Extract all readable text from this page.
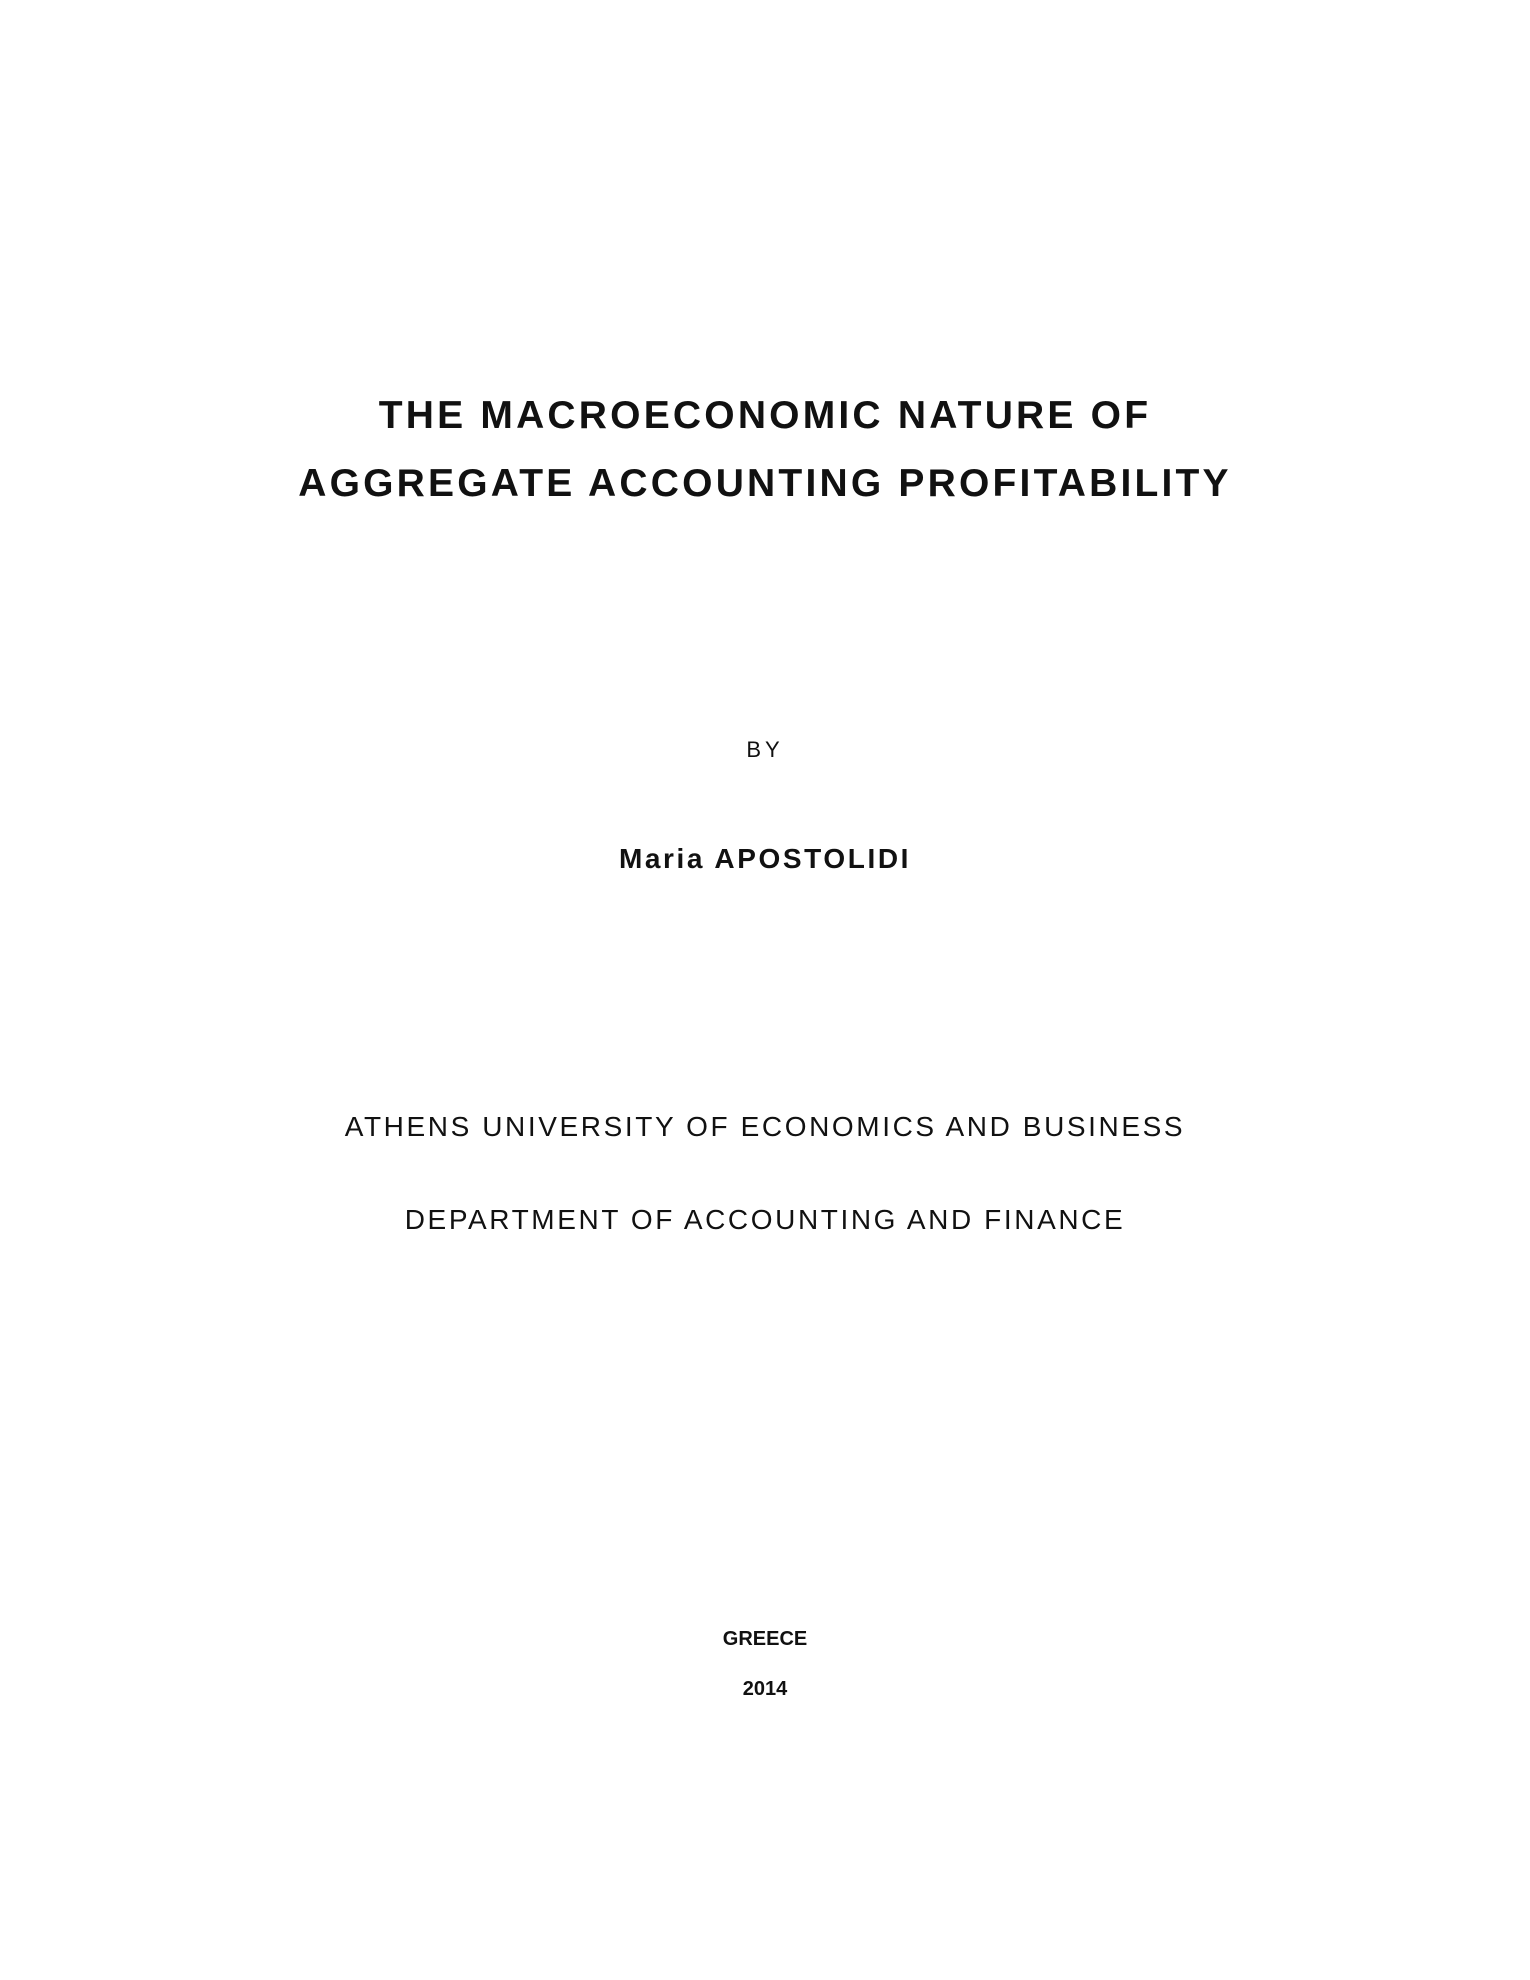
THE MACROECONOMIC NATURE OF
AGGREGATE ACCOUNTING PROFITABILITY
BY
Maria APOSTOLIDI
ATHENS UNIVERSITY OF ECONOMICS AND BUSINESS
DEPARTMENT OF ACCOUNTING AND FINANCE
GREECE
2014
